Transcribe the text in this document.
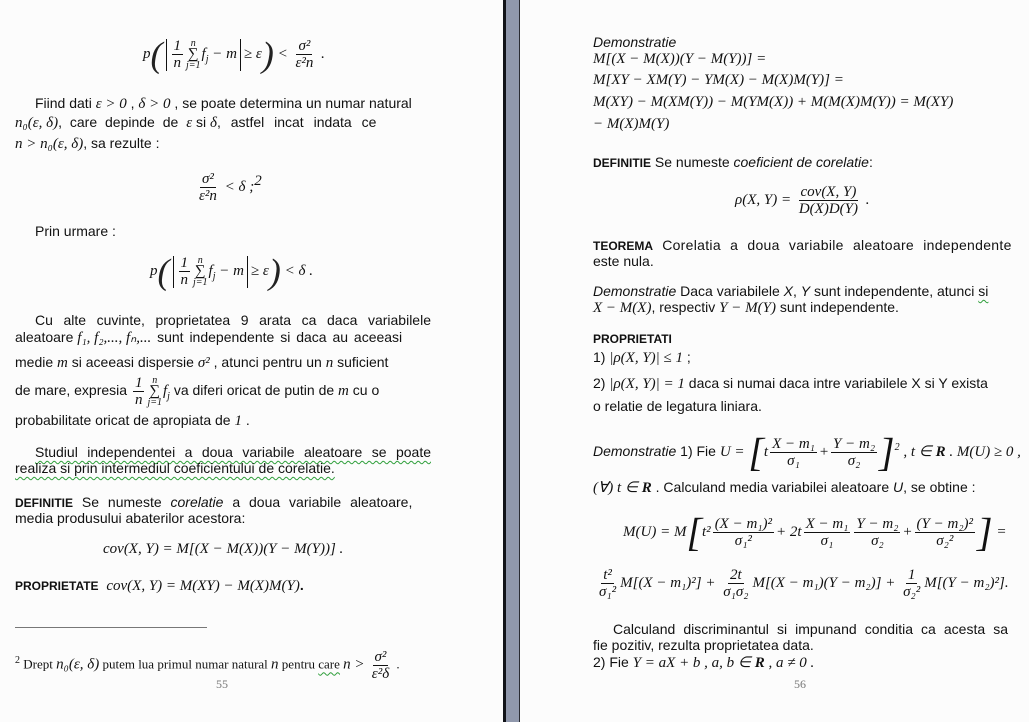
$p( \frac{1}{n}$ n
∑
j=1
$f_j - m \ge \varepsilon) < \frac{\text{σ²}}{\text{ε²n}}$ .
Fiind dati ε > 0 , δ > 0 , se poate determina un numar natural
n₀(ε, δ), care depinde de ε si δ, astfel incat indata ce
n > n₀(ε, δ), sa rezulte :
$\frac{\text{σ²}}{\text{ε²n}} < \delta$ ;$^2$
Prin urmare :
$p( \frac{1}{n}$ n
∑
j=1
$f_j - m \ge \varepsilon) < \delta$ .
Cu alte cuvinte, proprietatea 9 arata ca daca variabilele
aleatoare f₁, f₂,..., fₙ,... sunt independente si daca au aceeasi
medie m si aceeasi dispersie σ² , atunci pentru un n suficient
de mare, expresia $\frac{1}{n}$ n
∑
j=1
$f_j$ va diferi oricat de putin de m cu o
probabilitate oricat de apropiata de 1 .
Studiul independentei a doua variabile aleatoare se poate
realiza si prin intermediul coeficientului de corelatie.
DEFINITIE Se numeste corelatie a doua variabile aleatoare,
media produsului abaterilor acestora:
cov(X, Y) = M[(X − M(X))(Y − M(Y))] .
PROPRIETATE cov(X, Y) = M(XY) − M(X)M(Y).
$^2$ Drept n₀(ε, δ) putem lua primul numar natural n pentru care $n > \frac{\text{σ²}}{\text{ε²δ}}$ .
55
Demonstratie
M[(X − M(X))(Y − M(Y))] =
M[XY − XM(Y) − YM(X) − M(X)M(Y)] =
M(XY) − M(XM(Y)) − M(YM(X)) + M(M(X)M(Y)) = M(XY)
− M(X)M(Y)
DEFINITIE Se numeste coeficient de corelatie:
ρ(X, $Y) = \frac{\text{cov(X, Y)}}{D(X)D(Y)}$ .
TEOREMA Corelatia a doua variabile aleatoare independente
este nula.
Demonstratie Daca variabilele X, Y sunt independente, atunci si
X − M(X), respectiv Y − M(Y) sunt independente.
PROPRIETATI
1) |ρ(X, Y)| ≤ 1 ;
2) |ρ(X, Y)| = 1 daca si numai daca intre variabilele X si Y exista
o relatie de legatura liniara.
Demonstratie 1) Fie $U = [t \frac{\text{X − m₁}}{\text{σ₁}} + \frac{\text{Y − m₂}}{\text{σ₂}} ]^2$ , t ∈ R . M(U) ≥ 0 ,
(∀) t ∈ R . Calculand media variabilei aleatoare U, se obtine :
$M(U) = M[t^2 \frac{\text{(X − m₁)²}}{\text{σ₁²}} + 2t \frac{\text{X − m₁}}{\text{σ₁}} \frac{\text{Y − m₂}}{\text{σ₂}} + \frac{\text{(Y − m₂)²}}{\text{σ₂²}}$ ] =
$\frac{\text{t²}}{\text{σ₁²}} M[(X - m_1)^2] + \frac{2t}{\text{σ₁σ₂}} M[(X - m_1)(Y - m_2)] + \frac{1}{\text{σ₂²}} M[(Y - m_2)^2]$.
Calculand discriminantul si impunand conditia ca acesta sa
fie pozitiv, rezulta proprietatea data.
2) Fie Y = aX + b , a, b ∈ R , a ≠ 0 .
56
